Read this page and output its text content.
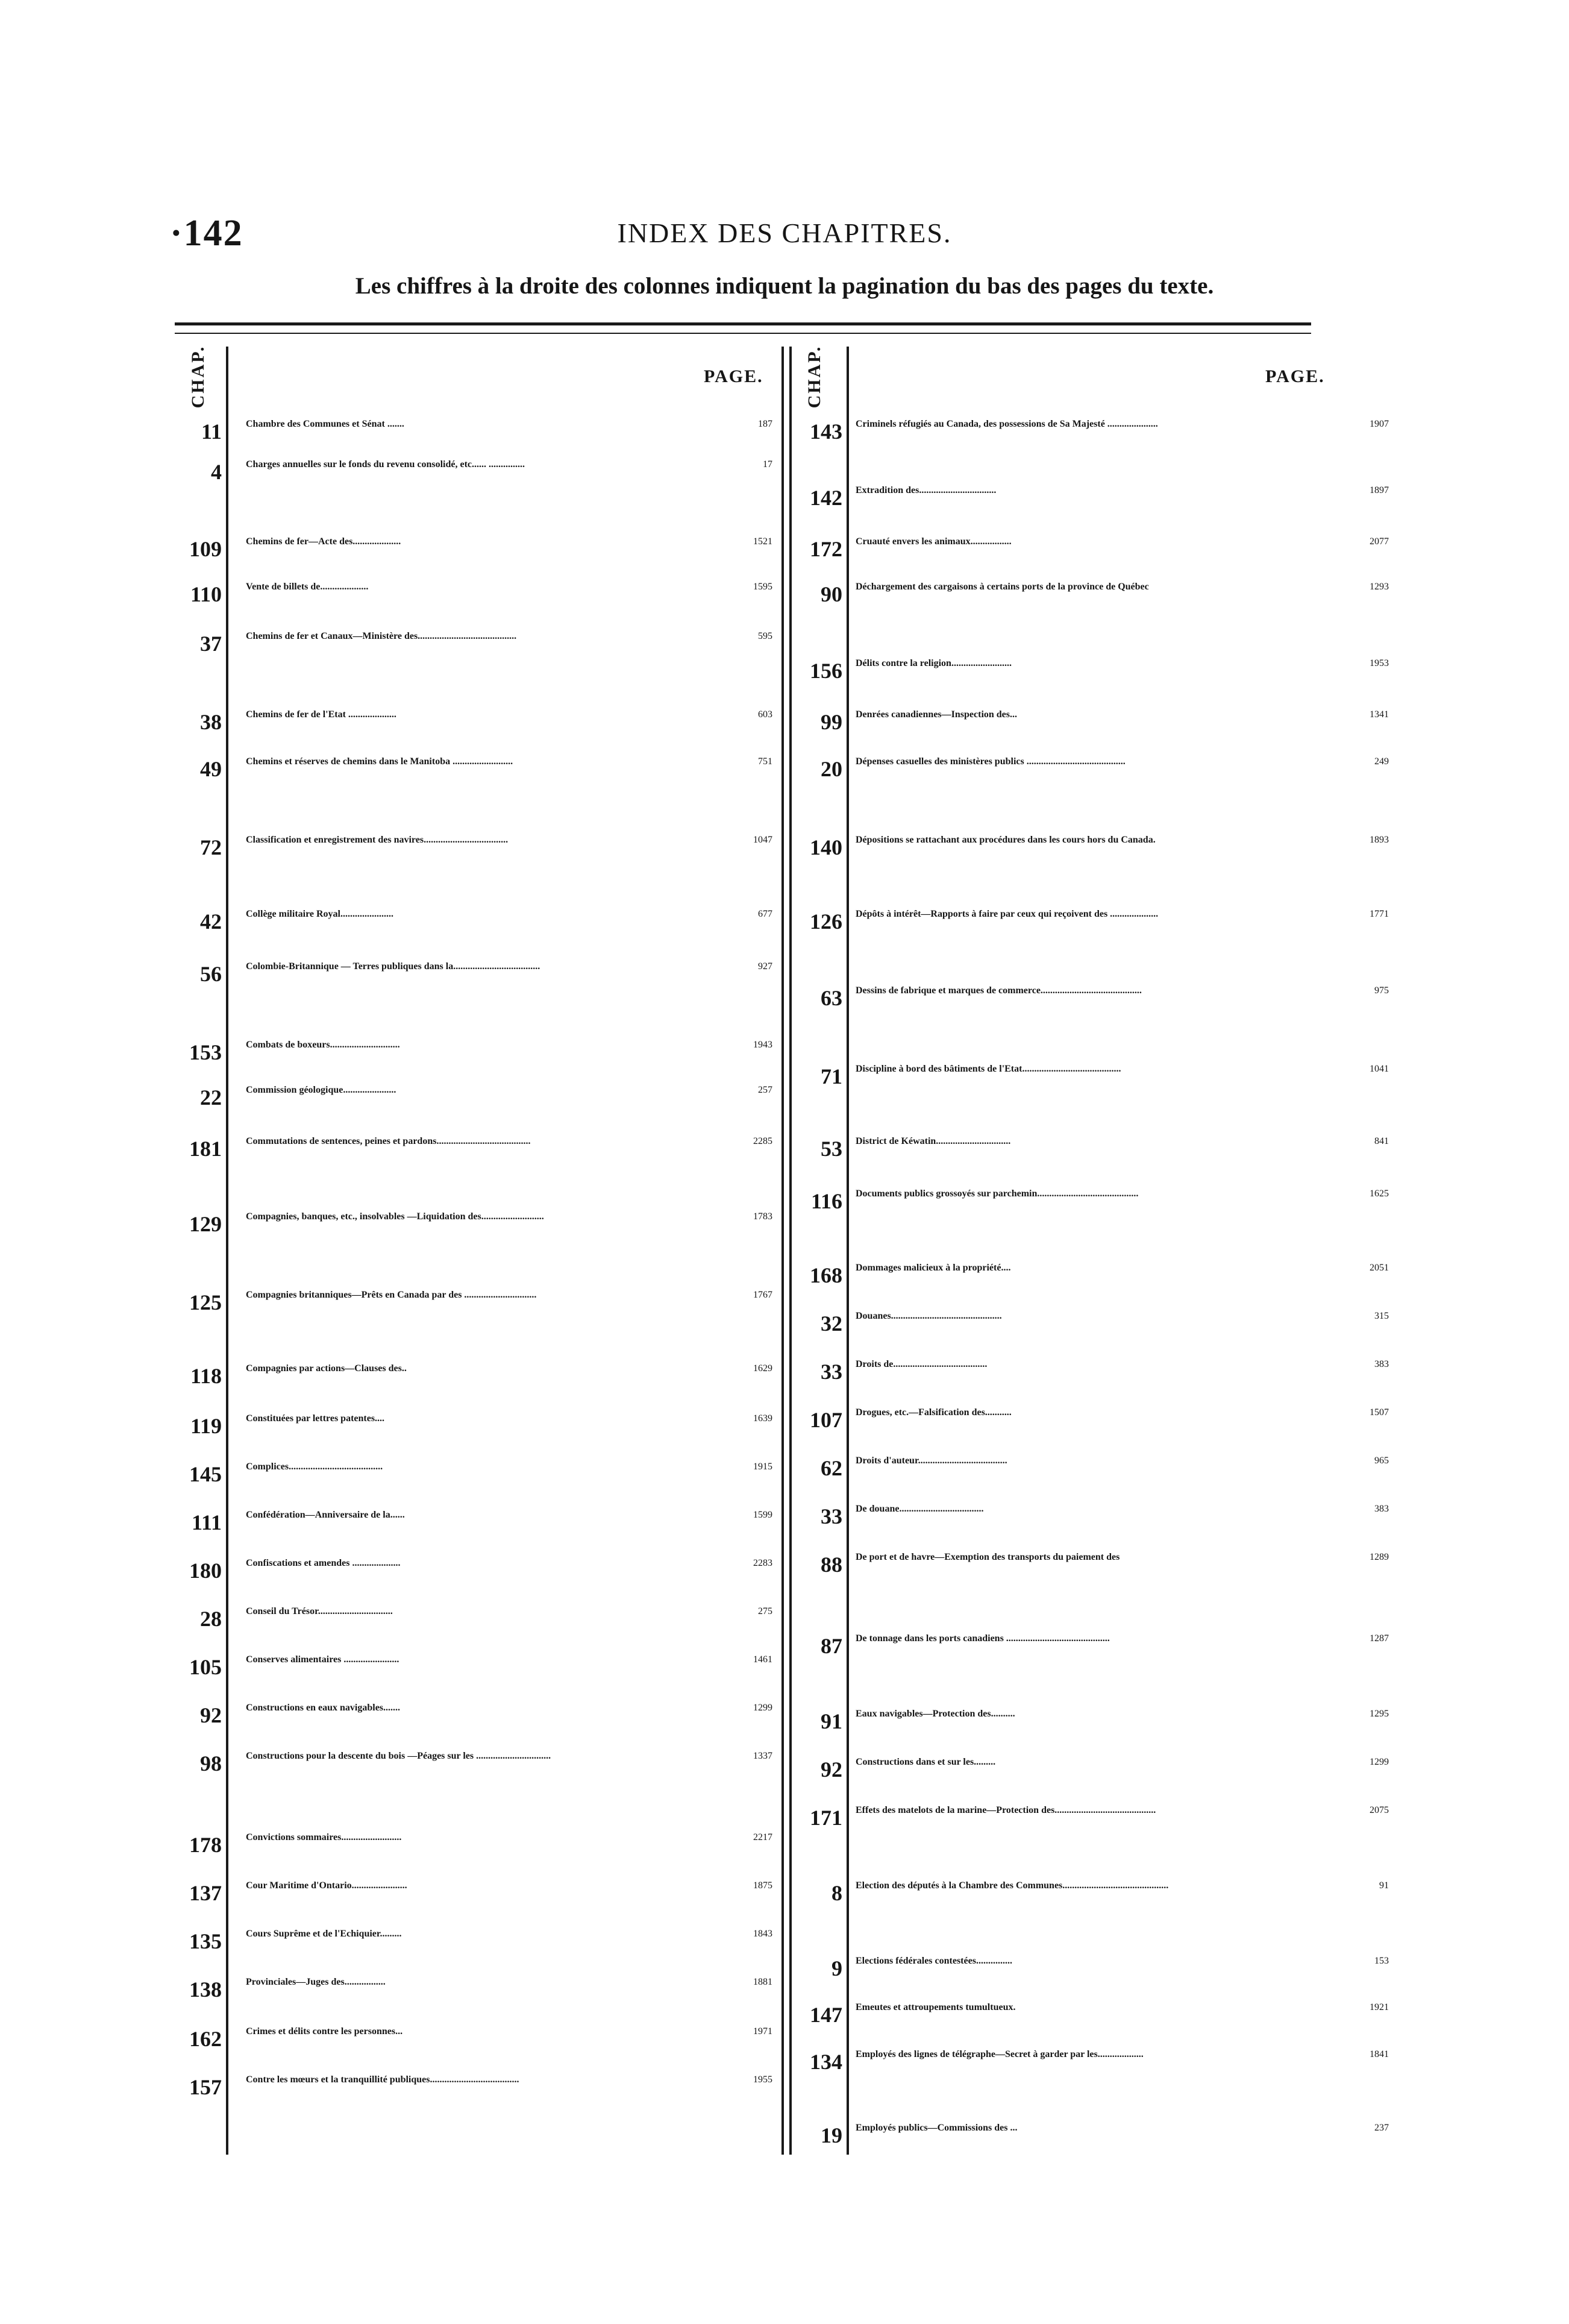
·142	INDEX DES CHAPITRES.
Les chiffres à la droite des colonnes indiquent la pagination du bas des pages du texte.
CHAP.	PAGE. CHAP.	PAGE.
11	Chambre des Communes et Sénat .......	187
4	Charges annuelles sur le fonds du revenu consolidé, etc...... ...............	17
109	Chemins de fer—Acte des....................	1521
110	Vente de billets de....................	1595
37	Chemins de fer et Canaux—Ministère des.........................................	595
38	Chemins de fer de l'Etat ....................	603
49	Chemins et réserves de chemins dans le Manitoba .........................	751
72	Classification et enregistrement des navires...................................	1047
42	Collège militaire Royal......................	677
56	Colombie-Britannique — Terres publiques dans la....................................	927
153	Combats de boxeurs.............................	1943
22	Commission géologique......................	257
181	Commutations de sentences, peines et pardons.......................................	2285
129	Compagnies, banques, etc., insolvables —Liquidation des..........................	1783
125	Compagnies britanniques—Prêts en Canada par des ..............................	1767
118	Compagnies par actions—Clauses des..	1629
119	Constituées par lettres patentes....	1639
145	Complices.......................................	1915
111	Confédération—Anniversaire de la......	1599
180	Confiscations et amendes ....................	2283
28	Conseil du Trésor...............................	275
105	Conserves alimentaires .......................	1461
92	Constructions en eaux navigables.......	1299
98	Constructions pour la descente du bois —Péages sur les ...............................	1337
178	Convictions sommaires.........................	2217
137	Cour Maritime d'Ontario.......................	1875
135	Cours Suprême et de l'Echiquier.........	1843
138	Provinciales—Juges des.................	1881
162	Crimes et délits contre les personnes...	1971
157	Contre les mœurs et la tranquillité publiques.....................................	1955
143 Criminels réfugiés au Canada, des possessions de Sa Majesté .....................	1907
142 Extradition des................................	1897
172 Cruauté envers les animaux.................	2077
90 Déchargement des cargaisons à certains ports de la province de Québec	1293
156 Délits contre la religion.........................	1953
99 Denrées canadiennes—Inspection des...	1341
20 Dépenses casuelles des ministères publics .........................................	249
140 Dépositions se rattachant aux procédures dans les cours hors du Canada.	1893
126 Dépôts à intérêt—Rapports à faire par ceux qui reçoivent des ....................	1771
63 Dessins de fabrique et marques de commerce..........................................	975
71 Discipline à bord des bâtiments de l'Etat.........................................	1041
53 District de Kéwatin...............................	841
116 Documents publics grossoyés sur parchemin..........................................	1625
168 Dommages malicieux à la propriété....	2051
32 Douanes..............................................	315
33 Droits de.......................................	383
107 Drogues, etc.—Falsification des...........	1507
62 Droits d'auteur.....................................	965
33 De douane...................................	383
88 De port et de havre—Exemption des transports du paiement des	1289
87 De tonnage dans les ports canadiens ...........................................	1287
91 Eaux navigables—Protection des..........	1295
92 Constructions dans et sur les.........	1299
171 Effets des matelots de la marine—Protection des..........................................	2075
8 Election des députés à la Chambre des Communes............................................	91
9 Elections fédérales contestées...............	153
147 Emeutes et attroupements tumultueux.	1921
134 Employés des lignes de télégraphe—Secret à garder par les...................	1841
19 Employés publics—Commissions des ...	237
